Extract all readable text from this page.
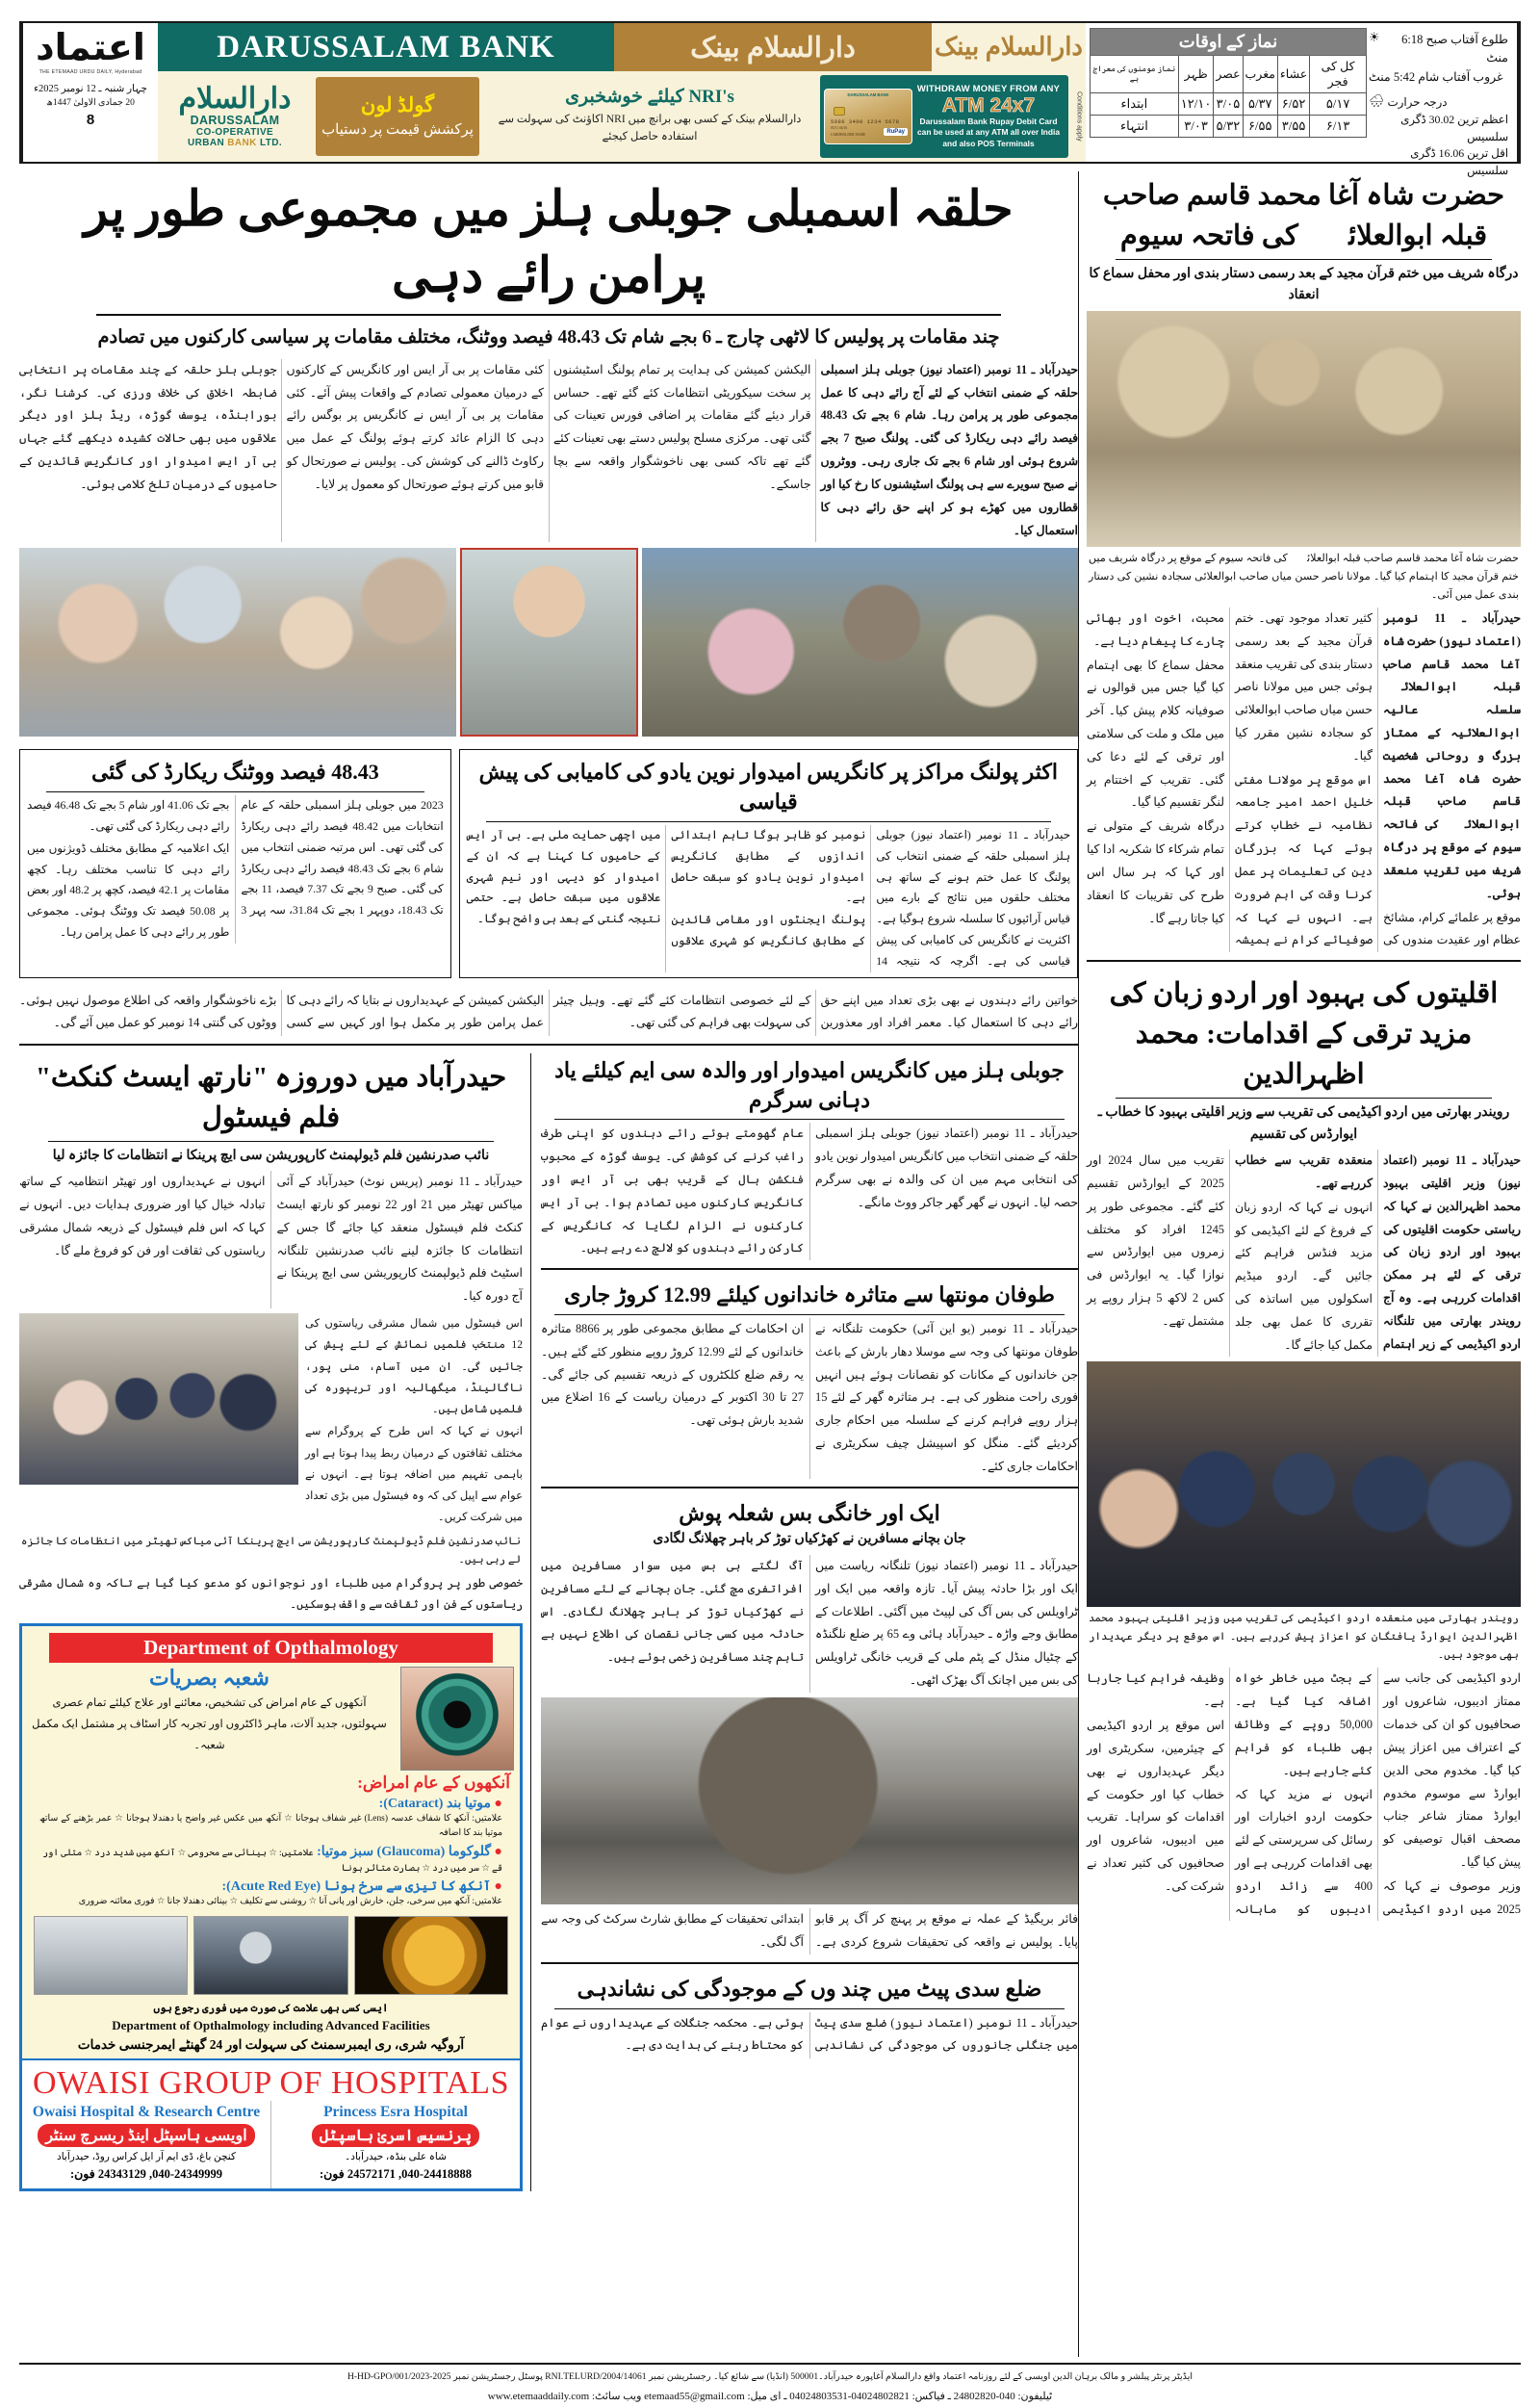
طلوع آفتاب صبح 6:18 منٹ
☀
غروب آفتاب شام 5:42 منٹ
درجہ حرارت
🌧
اعظم ترین 30.02 ڈگری سلسیس
اقل ترین 16.06 ڈگری سلسیس
نماز کے اوقات					
کل کی فجر	عشاء	مغرب	عصر	ظہر	نماز مومنوں کی معراج ہے
۵/۱۷	۶/۵۲	۵/۳۷	۳/۰۵	۱۲/۱۰	ابتداء
۶/۱۳	۳/۵۵	۶/۵۵	۵/۳۲	۳/۰۳	انتہاء
دارالسلام بینک
دارالسلام بینک
DARUSSALAM BANK
Conditions apply
DARUSSALAM BANK
5086 3400 1234 5678
05/11 04/16
CARDHOLDER NAME	RuPay
WITHDRAW MONEY FROM ANY
ATM 24x7
Darussalam Bank Rupay Debit Card can be used at any ATM all over India and also POS Terminals
NRI's کیلئے خوشخبری
دارالسلام بینک کے کسی بھی برانچ میں NRI اکاؤنٹ کی سہولت سے استفادہ حاصل کیجئے
گولڈ لون
پرکشش قیمت پر دستیاب
دارالسلام
DARUSSALAM
CO-OPERATIVE
URBAN BANK LTD.
اعتماد
THE ETEMAAD URDU DAILY, Hyderabad
چہار شنبہ ـ 12 نومبر 2025ء
20 جمادی الاولیٰ 1447ھ
8
حلقہ اسمبلی جوبلی ہلز میں مجموعی طور پر پرامن رائے دہی
چند مقامات پر پولیس کا لاٹھی چارج ـ 6 بجے شام تک 48.43 فیصد ووٹنگ، مختلف مقامات پر سیاسی کارکنوں میں تصادم

حیدرآباد ـ 11 نومبر (اعتماد نیوز) جوبلی ہلز اسمبلی حلقہ کے ضمنی انتخاب کے لئے آج رائے دہی کا عمل مجموعی طور پر پرامن رہا۔ شام 6 بجے تک 48.43 فیصد رائے دہی ریکارڈ کی گئی۔ پولنگ صبح 7 بجے شروع ہوئی اور شام 6 بجے تک جاری رہی۔ ووٹروں نے صبح سویرے سے ہی پولنگ اسٹیشنوں کا رخ کیا اور قطاروں میں کھڑے ہو کر اپنے حق رائے دہی کا استعمال کیا۔

الیکشن کمیشن کی ہدایت پر تمام پولنگ اسٹیشنوں پر سخت سیکوریٹی انتظامات کئے گئے تھے۔ حساس قرار دیئے گئے مقامات پر اضافی فورس تعینات کی گئی تھی۔ مرکزی مسلح پولیس دستے بھی تعینات کئے گئے تھے تاکہ کسی بھی ناخوشگوار واقعہ سے بچا جاسکے۔

کئی مقامات پر بی آر ایس اور کانگریس کے کارکنوں کے درمیان معمولی تصادم کے واقعات پیش آئے۔ کئی مقامات پر بی آر ایس نے کانگریس پر بوگس رائے دہی کا الزام عائد کرتے ہوئے پولنگ کے عمل میں رکاوٹ ڈالنے کی کوشش کی۔ پولیس نے صورتحال کو قابو میں کرتے ہوئے صورتحال کو معمول پر لایا۔

جوبلی ہلز حلقہ کے چند مقامات پر انتخابی ضابطہ اخلاق کی خلاف ورزی کی۔ کرشنا نگر، بورابنڈہ، یوسف گوڑہ، ریڈ ہلز اور دیگر علاقوں میں بھی حالات کشیدہ دیکھے گئے جہاں بی آر ایس امیدوار اور کانگریس قائدین کے حامیوں کے درمیان تلخ کلامی ہوئی۔

48.43 فیصد ووٹنگ ریکارڈ کی گئی

2023 میں جوبلی ہلز اسمبلی حلقہ کے عام انتخابات میں 48.42 فیصد رائے دہی ریکارڈ کی گئی تھی۔ اس مرتبہ ضمنی انتخاب میں شام 6 بجے تک 48.43 فیصد رائے دہی ریکارڈ کی گئی۔ صبح 9 بجے تک 7.37 فیصد، 11 بجے تک 18.43، دوپہر 1 بجے تک 31.84، سہ پہر 3 بجے تک 41.06 اور شام 5 بجے تک 46.48 فیصد رائے دہی ریکارڈ کی گئی تھی۔

ایک اعلامیہ کے مطابق مختلف ڈویژنوں میں رائے دہی کا تناسب مختلف رہا۔ کچھ مقامات پر 42.1 فیصد، کچھ پر 48.2 اور بعض پر 50.08 فیصد تک ووٹنگ ہوئی۔ مجموعی طور پر رائے دہی کا عمل پرامن رہا۔

اکثر پولنگ مراکز پر کانگریس امیدوار نوین یادو کی کامیابی کی پیش قیاسی

حیدرآباد ـ 11 نومبر (اعتماد نیوز) جوبلی ہلز اسمبلی حلقہ کے ضمنی انتخاب کی پولنگ کا عمل ختم ہونے کے ساتھ ہی مختلف حلقوں میں نتائج کے بارے میں قیاس آرائیوں کا سلسلہ شروع ہوگیا ہے۔ اکثریت نے کانگریس کی کامیابی کی پیش قیاسی کی ہے۔ اگرچہ کہ نتیجہ 14 نومبر کو ظاہر ہوگا تاہم ابتدائی اندازوں کے مطابق کانگریس امیدوار نوین یادو کو سبقت حاصل ہے۔

پولنگ ایجنٹوں اور مقامی قائدین کے مطابق کانگریس کو شہری علاقوں میں اچھی حمایت ملی ہے۔ بی آر ایس کے حامیوں کا کہنا ہے کہ ان کے امیدوار کو دیہی اور نیم شہری علاقوں میں سبقت حاصل ہے۔ حتمی نتیجہ گنتی کے بعد ہی واضح ہوگا۔

خواتین رائے دہندوں نے بھی بڑی تعداد میں اپنے حق رائے دہی کا استعمال کیا۔ معمر افراد اور معذورین کے لئے خصوصی انتظامات کئے گئے تھے۔ وہیل چیئر کی سہولت بھی فراہم کی گئی تھی۔

الیکشن کمیشن کے عہدیداروں نے بتایا کہ رائے دہی کا عمل پرامن طور پر مکمل ہوا اور کہیں سے کسی بڑے ناخوشگوار واقعہ کی اطلاع موصول نہیں ہوئی۔ ووٹوں کی گنتی 14 نومبر کو عمل میں آئے گی۔

حیدرآباد میں دوروزہ "نارتھ ایسٹ کنکٹ" فلم فیسٹول
نائب صدرنشین فلم ڈیولپمنٹ کارپوریشن سی ایچ پرینکا نے انتظامات کا جائزہ لیا

حیدرآباد ـ 11 نومبر (پریس نوٹ) حیدرآباد کے آئی میاکس تھیٹر میں 21 اور 22 نومبر کو نارتھ ایسٹ کنکٹ فلم فیسٹول منعقد کیا جائے گا جس کے انتظامات کا جائزہ لینے نائب صدرنشین تلنگانہ اسٹیٹ فلم ڈیولپمنٹ کارپوریشن سی ایچ پرینکا نے آج دورہ کیا۔

انہوں نے عہدیداروں اور تھیٹر انتظامیہ کے ساتھ تبادلہ خیال کیا اور ضروری ہدایات دیں۔ انہوں نے کہا کہ اس فلم فیسٹول کے ذریعہ شمال مشرقی ریاستوں کی ثقافت اور فن کو فروغ ملے گا۔

اس فیسٹول میں شمال مشرقی ریاستوں کی 12 منتخب فلمیں نمائش کے لئے پیش کی جائیں گی۔ ان میں آسام، منی پور، ناگالینڈ، میگھالیہ اور تریپورہ کی فلمیں شامل ہیں۔

انہوں نے کہا کہ اس طرح کے پروگرام سے مختلف ثقافتوں کے درمیان ربط پیدا ہوتا ہے اور باہمی تفہیم میں اضافہ ہوتا ہے۔ انہوں نے عوام سے اپیل کی کہ وہ فیسٹول میں بڑی تعداد میں شرکت کریں۔

نائب صدرنشین فلم ڈیولپمنٹ کارپوریشن سی ایچ پرینکا آئی میاکس تھیٹر میں انتظامات کا جائزہ لے رہی ہیں۔

خصوصی طور پر پروگرام میں طلباء اور نوجوانوں کو مدعو کیا گیا ہے تاکہ وہ شمال مشرقی ریاستوں کے فن اور ثقافت سے واقف ہوسکیں۔

Department of Opthalmology
شعبہ بصریات
آنکھوں کے عام امراض کی تشخیص، معائنے اور علاج کیلئے تمام عصری سہولتوں، جدید آلات، ماہر ڈاکٹروں اور تجربہ کار اسٹاف پر مشتمل ایک مکمل شعبہ۔
آنکھوں کے عام امراض:
● موتیا بند (Cataract):
علامتیں: آنکھ کا شفاف عدسہ (Lens) غیر شفاف ہوجانا ☆ آنکھ میں عکس غیر واضح یا دھندلا ہوجانا ☆ عمر بڑھنے کے ساتھ موتیا بند کا اضافہ
● گلوکوما (Glaucoma) سبز موتیا: علامتیں: ☆ بینائی سے محرومی ☆ آنکھ میں شدید درد ☆ متلی اور قے ☆ سر میں درد ☆ بصارت متاثر ہونا
● آنکھ کا تیزی سے سرخ ہونا (Acute Red Eye):
علامتیں: آنکھ میں سرخی، جلن، خارش اور پانی آنا ☆ روشنی سے تکلیف ☆ بینائی دھندلا جانا ☆ فوری معائنہ ضروری
ایسی کسی بھی علامت کی صورت میں فوری رجوع ہوں
Department of Opthalmology including Advanced Facilities
آروگیہ شری، ری ایمبرسمنٹ کی سہولت اور 24 گھنٹے ایمرجنسی خدمات
OWAISI GROUP OF HOSPITALS
Princess Esra Hospital
پرنسیس اسریٰ ہاسپٹل
شاہ علی بنڈہ، حیدرآباد۔
040-24418888, 24572171 فون:
Owaisi Hospital & Research Centre
اویسی ہاسپٹل اینڈ ریسرچ سنٹر
کنچن باغ، ڈی ایم آر ایل کراس روڈ، حیدرآباد
040-24349999, 24343129 فون:
جوبلی ہلز میں کانگریس امیدوار اور والدہ سی ایم کیلئے یاد دہانی سرگرم

حیدرآباد ـ 11 نومبر (اعتماد نیوز) جوبلی ہلز اسمبلی حلقہ کے ضمنی انتخاب میں کانگریس امیدوار نوین یادو کی انتخابی مہم میں ان کی والدہ نے بھی سرگرم حصہ لیا۔ انہوں نے گھر گھر جاکر ووٹ مانگے۔

عام گھومتے ہوئے رائے دہندوں کو اپنی طرف راغب کرنے کی کوشش کی۔ یوسف گوڑہ کے محبوب فنکشن ہال کے قریب بھی بی آر ایس اور کانگریس کارکنوں میں تصادم ہوا۔ بی آر ایس کارکنوں نے الزام لگایا کہ کانگریس کے کارکن رائے دہندوں کو لالچ دے رہے ہیں۔

طوفان مونتھا سے متاثرہ خاندانوں کیلئے 12.99 کروڑ جاری

حیدرآباد ـ 11 نومبر (یو این آئی) حکومت تلنگانہ نے طوفان مونتھا کی وجہ سے موسلا دھار بارش کے باعث جن خاندانوں کے مکانات کو نقصانات ہوئے ہیں انہیں فوری راحت منظور کی ہے۔ ہر متاثرہ گھر کے لئے 15 ہزار روپے فراہم کرنے کے سلسلہ میں احکام جاری کردیئے گئے۔ منگل کو اسپیشل چیف سکریٹری نے احکامات جاری کئے۔

ان احکامات کے مطابق مجموعی طور پر 8866 متاثرہ خاندانوں کے لئے 12.99 کروڑ روپے منظور کئے گئے ہیں۔ یہ رقم ضلع کلکٹروں کے ذریعہ تقسیم کی جائے گی۔ 27 تا 30 اکتوبر کے درمیان ریاست کے 16 اضلاع میں شدید بارش ہوئی تھی۔

ایک اور خانگی بس شعلہ پوش
جان بچانے مسافرین نے کھڑکیاں توڑ کر باہر چھلانگ لگادی

حیدرآباد ـ 11 نومبر (اعتماد نیوز) تلنگانہ ریاست میں ایک اور بڑا حادثہ پیش آیا۔ تازہ واقعہ میں ایک اور ٹراویلس کی بس آگ کی لپیٹ میں آگئی۔ اطلاعات کے مطابق وجے واڑہ ـ حیدرآباد ہائی وے 65 پر ضلع نلگنڈہ کے چٹیال منڈل کے پٹم ملی کے قریب خانگی ٹراویلس کی بس میں اچانک آگ بھڑک اٹھی۔

آگ لگتے ہی بس میں سوار مسافرین میں افراتفری مچ گئی۔ جان بچانے کے لئے مسافرین نے کھڑکیاں توڑ کر باہر چھلانگ لگادی۔ اس حادثہ میں کسی جانی نقصان کی اطلاع نہیں ہے تاہم چند مسافرین زخمی ہوئے ہیں۔

فائر بریگیڈ کے عملہ نے موقع پر پہنچ کر آگ پر قابو پایا۔ پولیس نے واقعہ کی تحقیقات شروع کردی ہے۔ ابتدائی تحقیقات کے مطابق شارٹ سرکٹ کی وجہ سے آگ لگی۔

ضلع سدی پیٹ میں چند وں کے موجودگی کی نشاندہی

حیدرآباد ـ 11 نومبر (اعتماد نیوز) ضلع سدی پیٹ میں جنگلی جانوروں کی موجودگی کی نشاندہی ہوئی ہے۔ محکمہ جنگلات کے عہدیداروں نے عوام کو محتاط رہنے کی ہدایت دی ہے۔

حضرت شاہ آغا محمد قاسم صاحب قبلہ ابوالعلائیؒ کی فاتحہ سیوم
درگاہ شریف میں ختم قرآن مجید کے بعد رسمی دستار بندی اور محفل سماع کا انعقاد
حضرت شاہ آغا محمد قاسم صاحب قبلہ ابوالعلائیؒ کی فاتحہ سیوم کے موقع پر درگاہ شریف میں ختم قرآن مجید کا اہتمام کیا گیا۔ مولانا ناصر حسن میاں صاحب ابوالعلائی سجادہ نشین کی دستار بندی عمل میں آئی۔

حیدرآباد ـ 11 نومبر (اعتماد نیوز) حضرت شاہ آغا محمد قاسم صاحب قبلہ ابوالعلائیؒ سلسلہ عالیہ ابوالعلائیہ کے ممتاز بزرگ و روحانی شخصیت حضرت شاہ آغا محمد قاسم صاحب قبلہ ابوالعلائیؒ کی فاتحہ سیوم کے موقع پر درگاہ شریف میں تقریب منعقد ہوئی۔

موقع پر علمائے کرام، مشائخ عظام اور عقیدت مندوں کی کثیر تعداد موجود تھی۔ ختم قرآن مجید کے بعد رسمی دستار بندی کی تقریب منعقد ہوئی جس میں مولانا ناصر حسن میاں صاحب ابوالعلائی کو سجادہ نشین مقرر کیا گیا۔

اس موقع پر مولانا مفتی خلیل احمد امیر جامعہ نظامیہ نے خطاب کرتے ہوئے کہا کہ بزرگان دین کی تعلیمات پر عمل کرنا وقت کی اہم ضرورت ہے۔ انہوں نے کہا کہ صوفیائے کرام نے ہمیشہ محبت، اخوت اور بھائی چارے کا پیغام دیا ہے۔

محفل سماع کا بھی اہتمام کیا گیا جس میں قوالوں نے صوفیانہ کلام پیش کیا۔ آخر میں ملک و ملت کی سلامتی اور ترقی کے لئے دعا کی گئی۔ تقریب کے اختتام پر لنگر تقسیم کیا گیا۔

درگاہ شریف کے متولی نے تمام شرکاء کا شکریہ ادا کیا اور کہا کہ ہر سال اس طرح کی تقریبات کا انعقاد کیا جاتا رہے گا۔

اقلیتوں کی بہبود اور اردو زبان کی مزید ترقی کے اقدامات: محمد اظہرالدین
رویندر بھارتی میں اردو اکیڈیمی کی تقریب سے وزیر اقلیتی بہبود کا خطاب ـ ایوارڈس کی تقسیم

حیدرآباد ـ 11 نومبر (اعتماد نیوز) وزیر اقلیتی بہبود محمد اظہرالدین نے کہا کہ ریاستی حکومت اقلیتوں کی بہبود اور اردو زبان کی ترقی کے لئے ہر ممکن اقدامات کررہی ہے۔ وہ آج رویندر بھارتی میں تلنگانہ اردو اکیڈیمی کے زیر اہتمام منعقدہ تقریب سے خطاب کررہے تھے۔

انہوں نے کہا کہ اردو زبان کے فروغ کے لئے اکیڈیمی کو مزید فنڈس فراہم کئے جائیں گے۔ اردو میڈیم اسکولوں میں اساتذہ کی تقرری کا عمل بھی جلد مکمل کیا جائے گا۔

تقریب میں سال 2024 اور 2025 کے ایوارڈس تقسیم کئے گئے۔ مجموعی طور پر 1245 افراد کو مختلف زمروں میں ایوارڈس سے نوازا گیا۔ یہ ایوارڈس فی کس 2 لاکھ 5 ہزار روپے پر مشتمل تھے۔

رویندر بھارتی میں منعقدہ اردو اکیڈیمی کی تقریب میں وزیر اقلیتی بہبود محمد اظہرالدین ایوارڈ یافتگان کو اعزاز پیش کررہے ہیں۔ اس موقع پر دیگر عہدیدار بھی موجود ہیں۔

اردو اکیڈیمی کی جانب سے ممتاز ادیبوں، شاعروں اور صحافیوں کو ان کی خدمات کے اعتراف میں اعزاز پیش کیا گیا۔ مخدوم محی الدین ایوارڈ سے موسوم مخدوم ایوارڈ ممتاز شاعر جناب مصحف اقبال توصیفی کو پیش کیا گیا۔

وزیر موصوف نے کہا کہ 2025 میں اردو اکیڈیمی کے بجٹ میں خاطر خواہ اضافہ کیا گیا ہے۔ 50,000 روپے کے وظائف بھی طلباء کو فراہم کئے جارہے ہیں۔

انہوں نے مزید کہا کہ حکومت اردو اخبارات اور رسائل کی سرپرستی کے لئے بھی اقدامات کررہی ہے اور 400 سے زائد اردو ادیبوں کو ماہانہ وظیفہ فراہم کیا جارہا ہے۔

اس موقع پر اردو اکیڈیمی کے چیئرمین، سکریٹری اور دیگر عہدیداروں نے بھی خطاب کیا اور حکومت کے اقدامات کو سراہا۔ تقریب میں ادیبوں، شاعروں اور صحافیوں کی کثیر تعداد نے شرکت کی۔

ایڈیٹر پرنٹر پبلشر و مالک برہان الدین اویسی کے لئے روزنامہ اعتماد واقع دارالسلام آغاپورہ حیدرآباد۔500001 (انڈیا) سے شائع کیا۔ رجسٹریشن نمبر RNI.TELURD/2004/14061 پوسٹل رجسٹریشن نمبر H-HD-GPO/001/2023-2025
ٹیلیفون: 040-24802820 ـ فیاکس: 04024802821-04024803531 ـ ای میل: etemaad55@gmail.com ویب سائٹ: www.etemaaddaily.com
